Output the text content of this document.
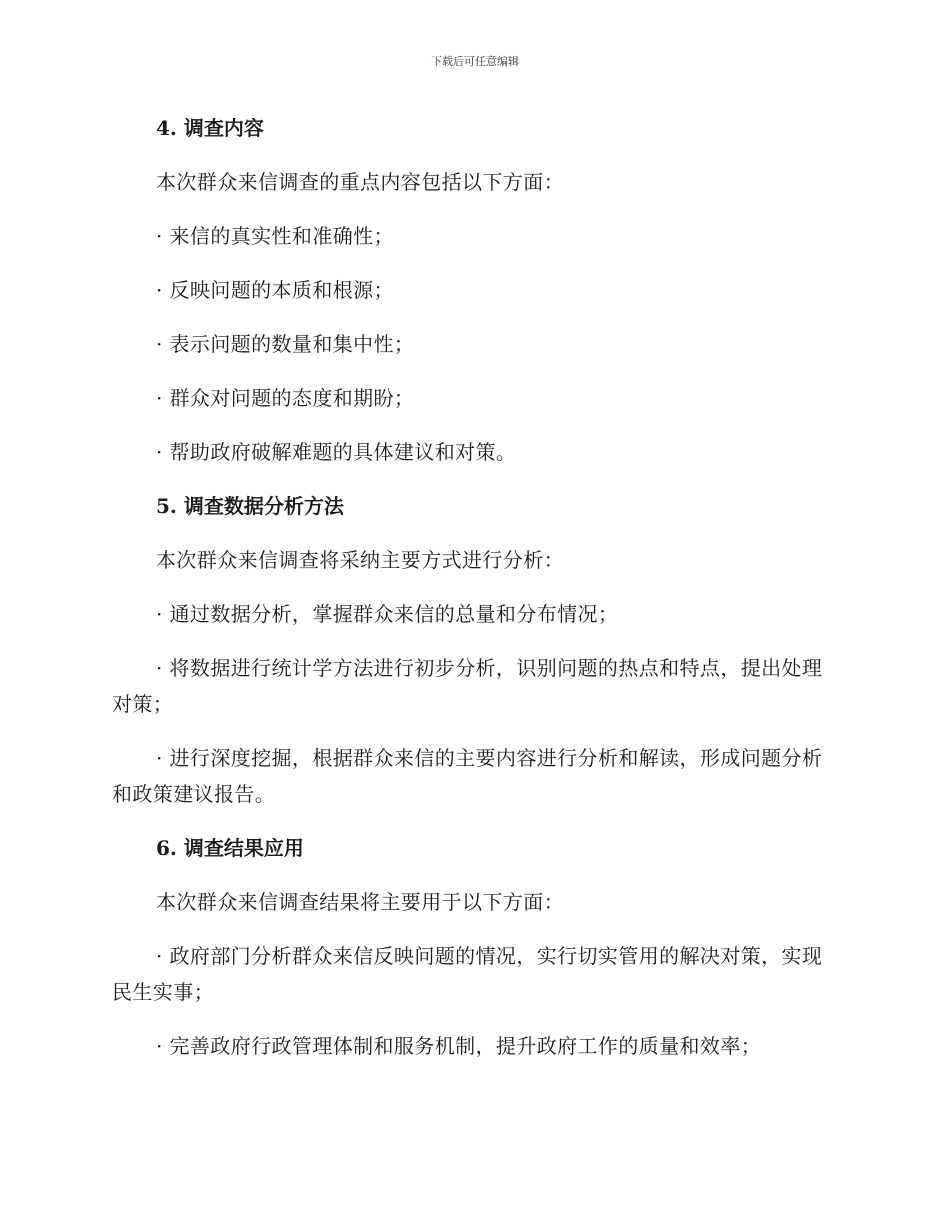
下载后可任意编辑
4. 调查内容

本次群众来信调查的重点内容包括以下方面：

· 来信的真实性和准确性；

· 反映问题的本质和根源；

· 表示问题的数量和集中性；

· 群众对问题的态度和期盼；

· 帮助政府破解难题的具体建议和对策。

5. 调查数据分析方法

本次群众来信调查将采纳主要方式进行分析：

· 通过数据分析，掌握群众来信的总量和分布情况；

· 将数据进行统计学方法进行初步分析，识别问题的热点和特点，提出处理对策；

· 进行深度挖掘，根据群众来信的主要内容进行分析和解读，形成问题分析和政策建议报告。

6. 调查结果应用

本次群众来信调查结果将主要用于以下方面：

· 政府部门分析群众来信反映问题的情况，实行切实管用的解决对策，实现民生实事；

· 完善政府行政管理体制和服务机制，提升政府工作的质量和效率；
